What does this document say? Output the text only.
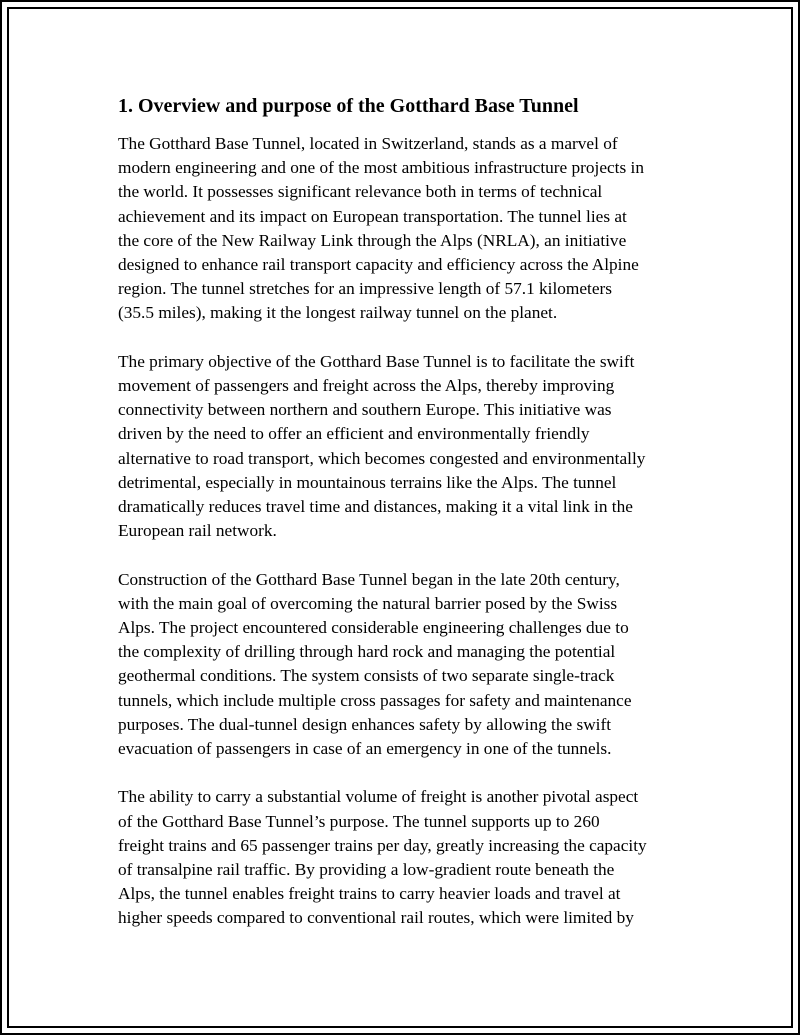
1. Overview and purpose of the Gotthard Base Tunnel

The Gotthard Base Tunnel, located in Switzerland, stands as a marvel of
modern engineering and one of the most ambitious infrastructure projects in
the world. It possesses significant relevance both in terms of technical
achievement and its impact on European transportation. The tunnel lies at
the core of the New Railway Link through the Alps (NRLA), an initiative
designed to enhance rail transport capacity and efficiency across the Alpine
region. The tunnel stretches for an impressive length of 57.1 kilometers
(35.5 miles), making it the longest railway tunnel on the planet.

The primary objective of the Gotthard Base Tunnel is to facilitate the swift
movement of passengers and freight across the Alps, thereby improving
connectivity between northern and southern Europe. This initiative was
driven by the need to offer an efficient and environmentally friendly
alternative to road transport, which becomes congested and environmentally
detrimental, especially in mountainous terrains like the Alps. The tunnel
dramatically reduces travel time and distances, making it a vital link in the
European rail network.

Construction of the Gotthard Base Tunnel began in the late 20th century,
with the main goal of overcoming the natural barrier posed by the Swiss
Alps. The project encountered considerable engineering challenges due to
the complexity of drilling through hard rock and managing the potential
geothermal conditions. The system consists of two separate single-track
tunnels, which include multiple cross passages for safety and maintenance
purposes. The dual-tunnel design enhances safety by allowing the swift
evacuation of passengers in case of an emergency in one of the tunnels.

The ability to carry a substantial volume of freight is another pivotal aspect
of the Gotthard Base Tunnel’s purpose. The tunnel supports up to 260
freight trains and 65 passenger trains per day, greatly increasing the capacity
of transalpine rail traffic. By providing a low-gradient route beneath the
Alps, the tunnel enables freight trains to carry heavier loads and travel at
higher speeds compared to conventional rail routes, which were limited by
